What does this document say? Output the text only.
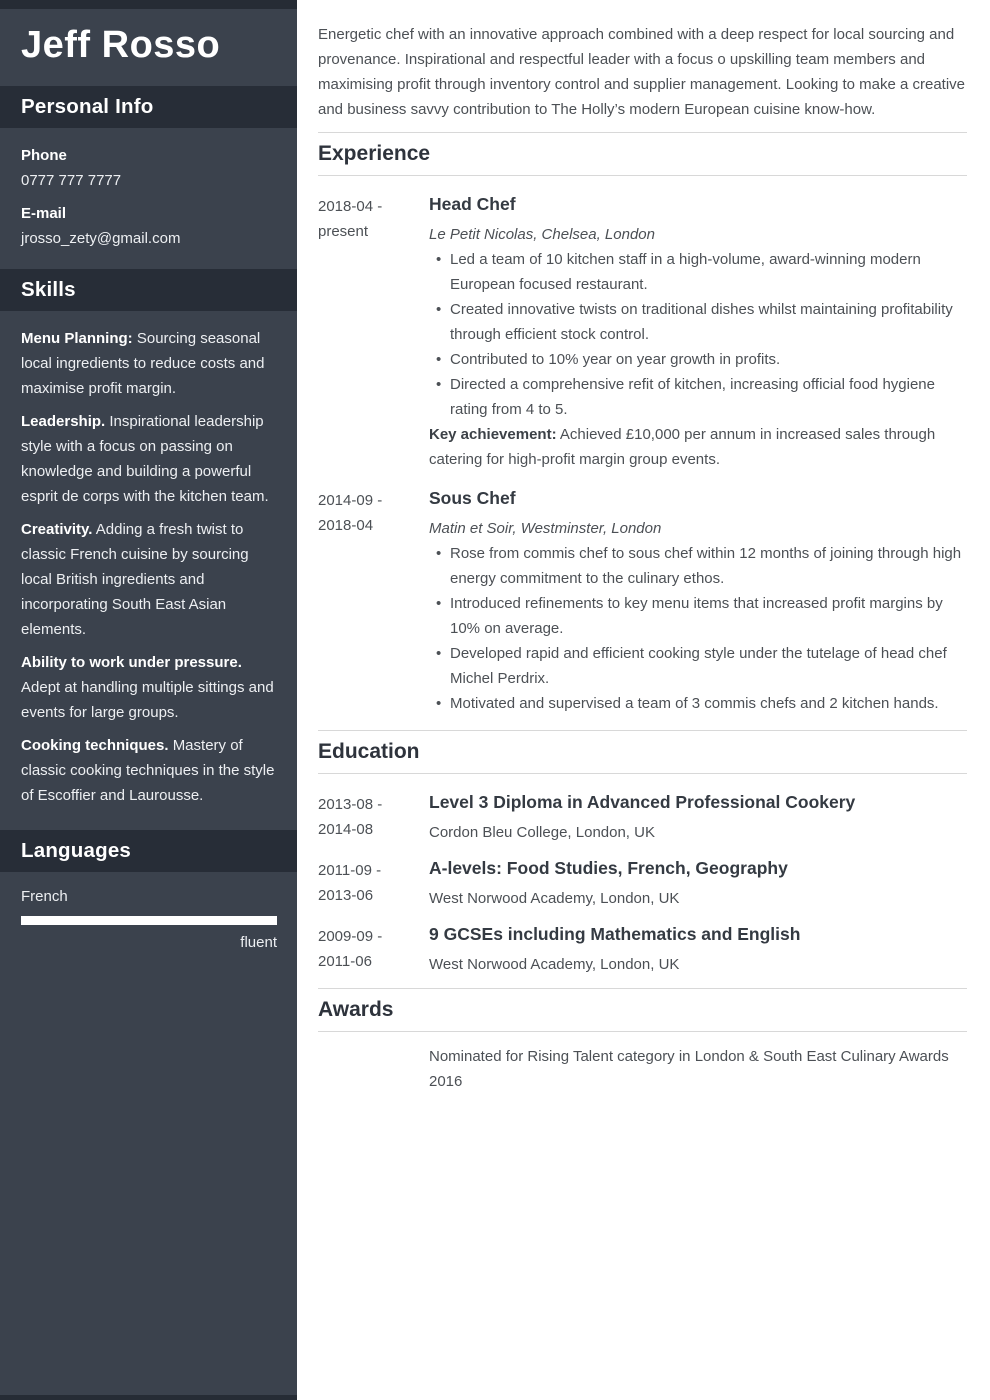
Jeff Rosso
Personal Info
Phone
0777 777 7777
E-mail
jrosso_zety@gmail.com
Skills

Menu Planning: Sourcing seasonal local ingredients to reduce costs and maximise profit margin.

Leadership. Inspirational leadership style with a focus on passing on knowledge and building a powerful esprit de corps with the kitchen team.

Creativity. Adding a fresh twist to classic French cuisine by sourcing local British ingredients and incorporating South East Asian elements.

Ability to work under pressure. Adept at handling multiple sittings and events for large groups.

Cooking techniques. Mastery of classic cooking techniques in the style of Escoffier and Laurousse.

Languages
French
fluent

Energetic chef with an innovative approach combined with a deep respect for local sourcing and provenance. Inspirational and respectful leader with a focus o upskilling team members and maximising profit through inventory control and supplier management. Looking to make a creative and business savvy contribution to The Holly’s modern European cuisine know-how.

Experience
2018-04 -
present
Head Chef
Le Petit Nicolas, Chelsea, London
• Led a team of 10 kitchen staff in a high-volume, award-winning modern European focused restaurant.
• Created innovative twists on traditional dishes whilst maintaining profitability through efficient stock control.
• Contributed to 10% year on year growth in profits.
• Directed a comprehensive refit of kitchen, increasing official food hygiene rating from 4 to 5.

Key achievement: Achieved £10,000 per annum in increased sales through catering for high-profit margin group events.

2014-09 -
2018-04
Sous Chef
Matin et Soir, Westminster, London
• Rose from commis chef to sous chef within 12 months of joining through high energy commitment to the culinary ethos.
• Introduced refinements to key menu items that increased profit margins by 10% on average.
• Developed rapid and efficient cooking style under the tutelage of head chef Michel Perdrix.
• Motivated and supervised a team of 3 commis chefs and 2 kitchen hands.
Education
2013-08 -
2014-08
Level 3 Diploma in Advanced Professional Cookery
Cordon Bleu College, London, UK
2011-09 -
2013-06
A-levels: Food Studies, French, Geography
West Norwood Academy, London, UK
2009-09 -
2011-06
9 GCSEs including Mathematics and English
West Norwood Academy, London, UK
Awards

Nominated for Rising Talent category in London & South East Culinary Awards 2016
